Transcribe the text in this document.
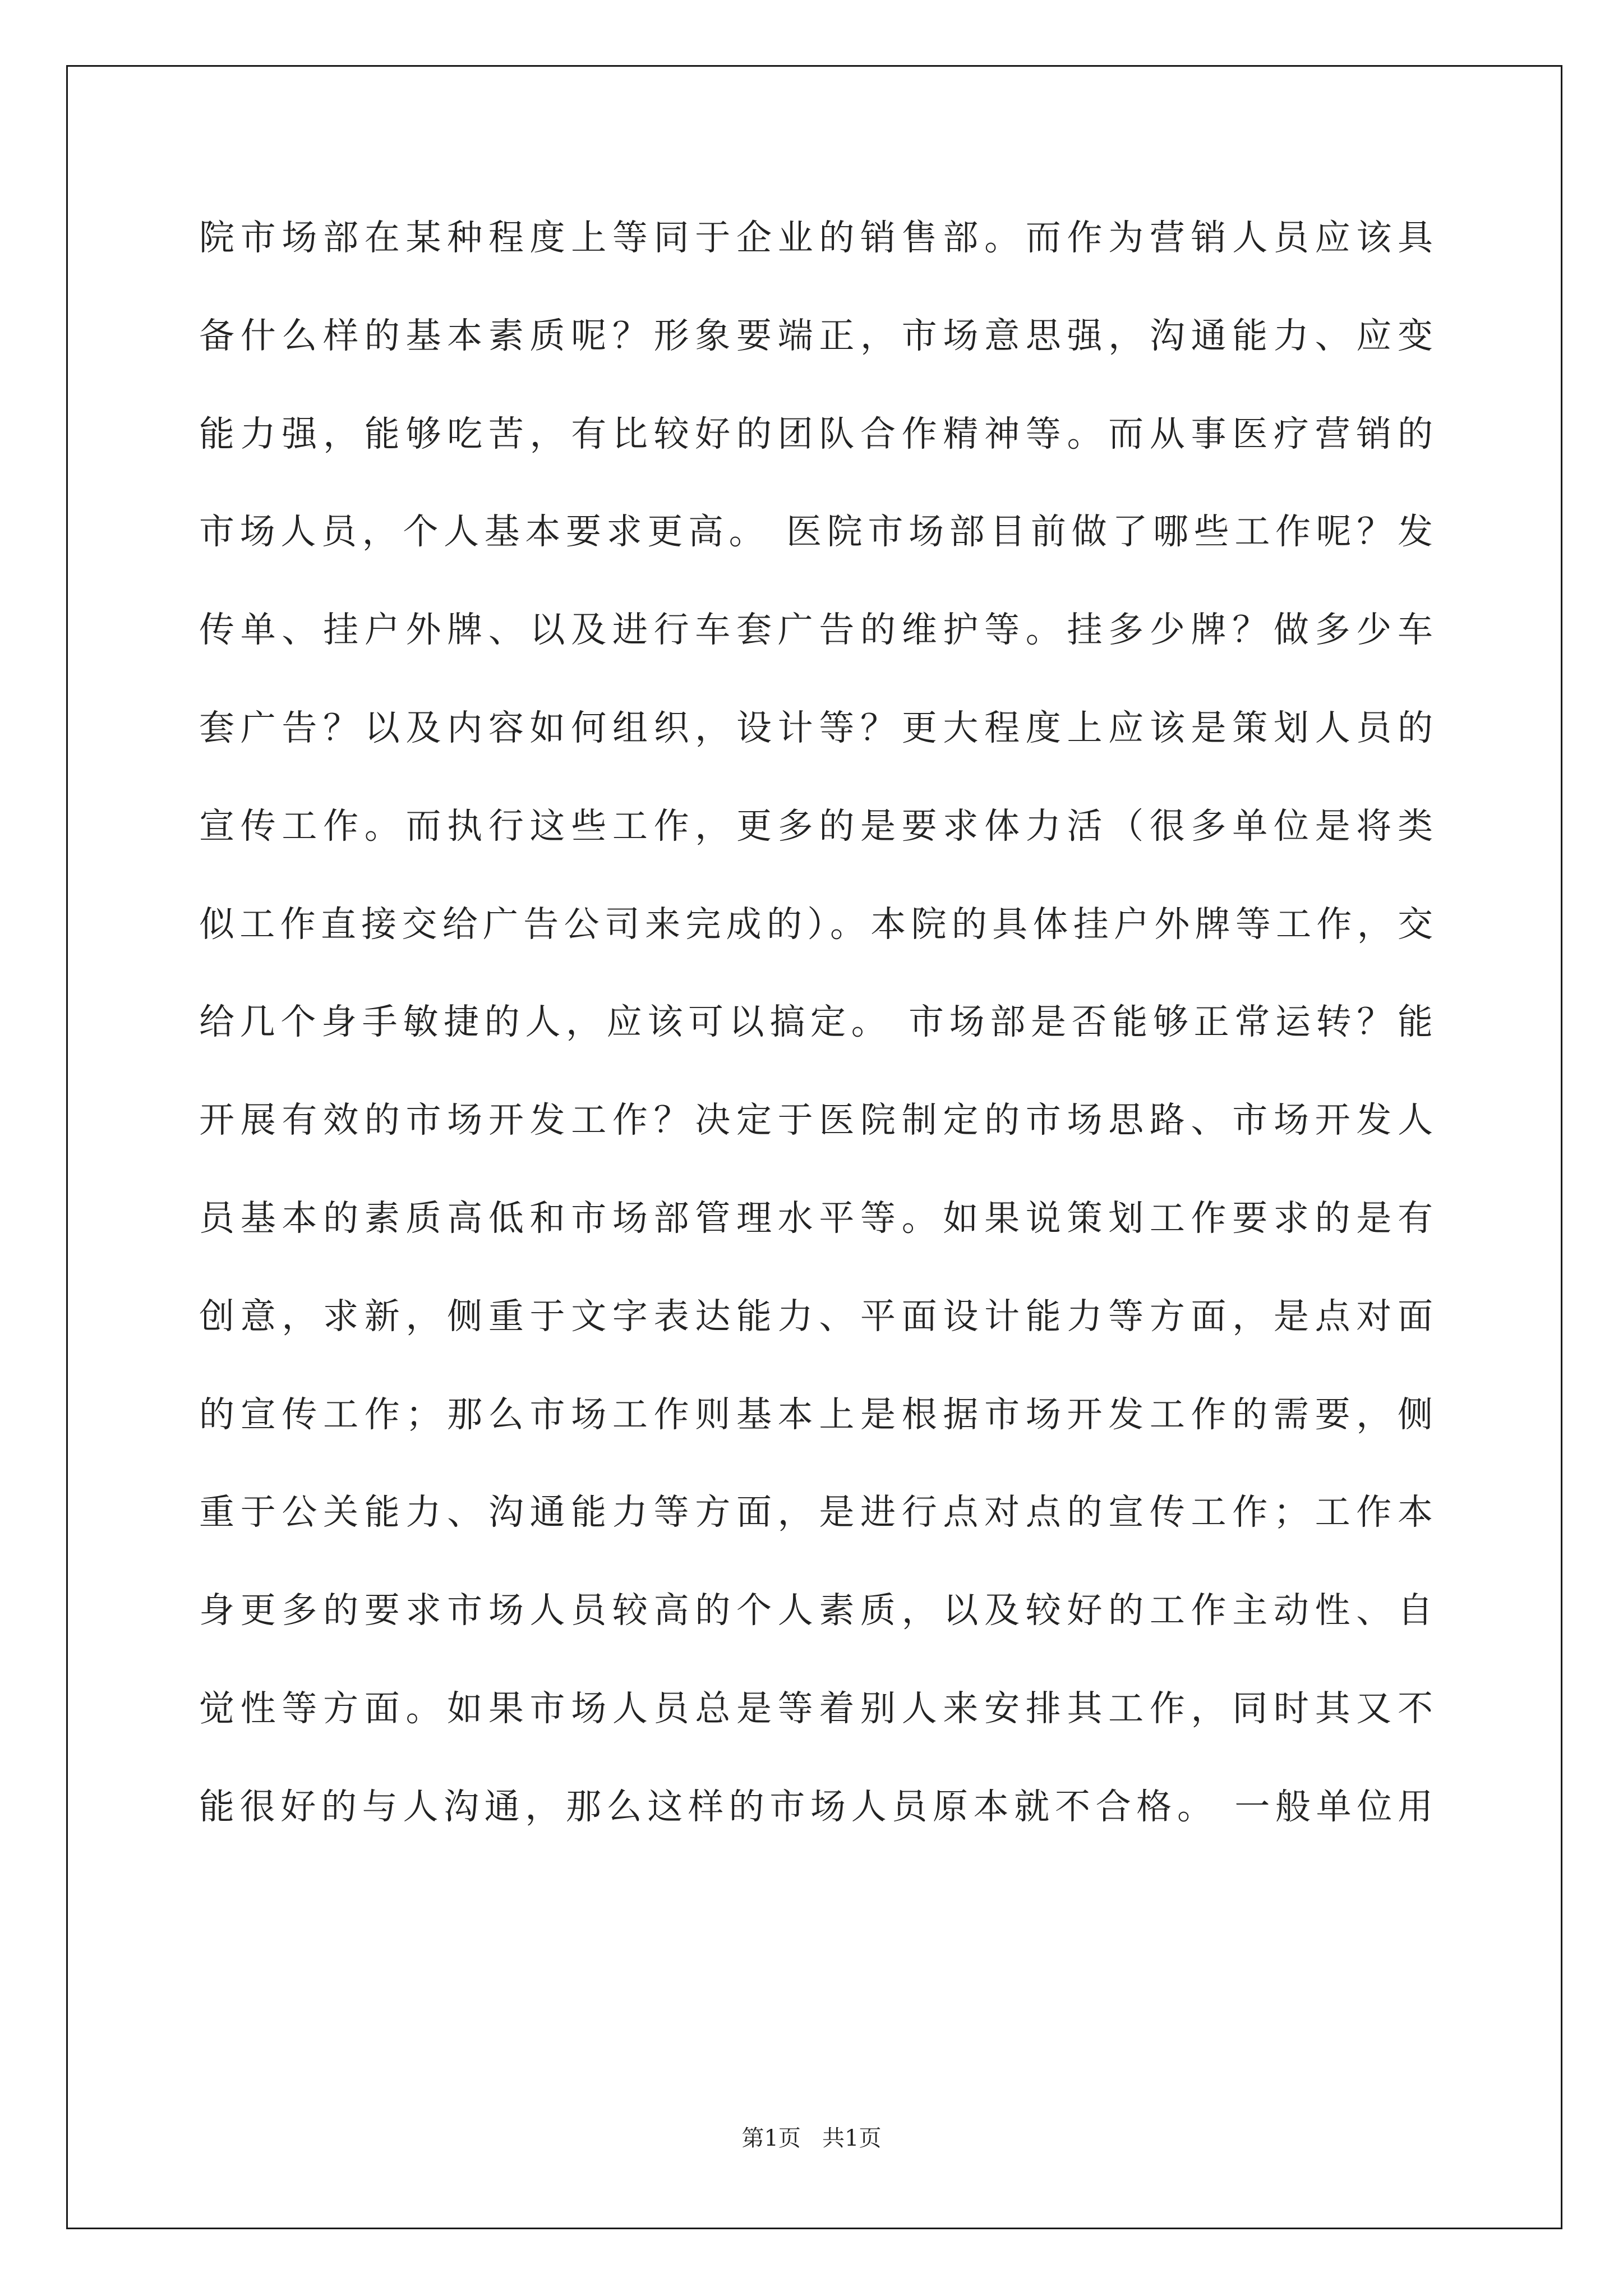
院市场部在某种程度上等同于企业的销售部。而作为营销人员应该具
备什么样的基本素质呢？形象要端正，市场意思强，沟通能力、应变
能力强，能够吃苦，有比较好的团队合作精神等。而从事医疗营销的
市场人员，个人基本要求更高。 医院市场部目前做了哪些工作呢？发
传单、挂户外牌、以及进行车套广告的维护等。挂多少牌？做多少车
套广告？以及内容如何组织，设计等？更大程度上应该是策划人员的
宣传工作。而执行这些工作，更多的是要求体力活（很多单位是将类
似工作直接交给广告公司来完成的）。本院的具体挂户外牌等工作，交
给几个身手敏捷的人，应该可以搞定。 市场部是否能够正常运转？能
开展有效的市场开发工作？决定于医院制定的市场思路、市场开发人
员基本的素质高低和市场部管理水平等。如果说策划工作要求的是有
创意，求新，侧重于文字表达能力、平面设计能力等方面，是点对面
的宣传工作；那么市场工作则基本上是根据市场开发工作的需要，侧
重于公关能力、沟通能力等方面，是进行点对点的宣传工作；工作本
身更多的要求市场人员较高的个人素质，以及较好的工作主动性、自
觉性等方面。如果市场人员总是等着别人来安排其工作，同时其又不
能很好的与人沟通，那么这样的市场人员原本就不合格。 一般单位用
第1页   共1页
